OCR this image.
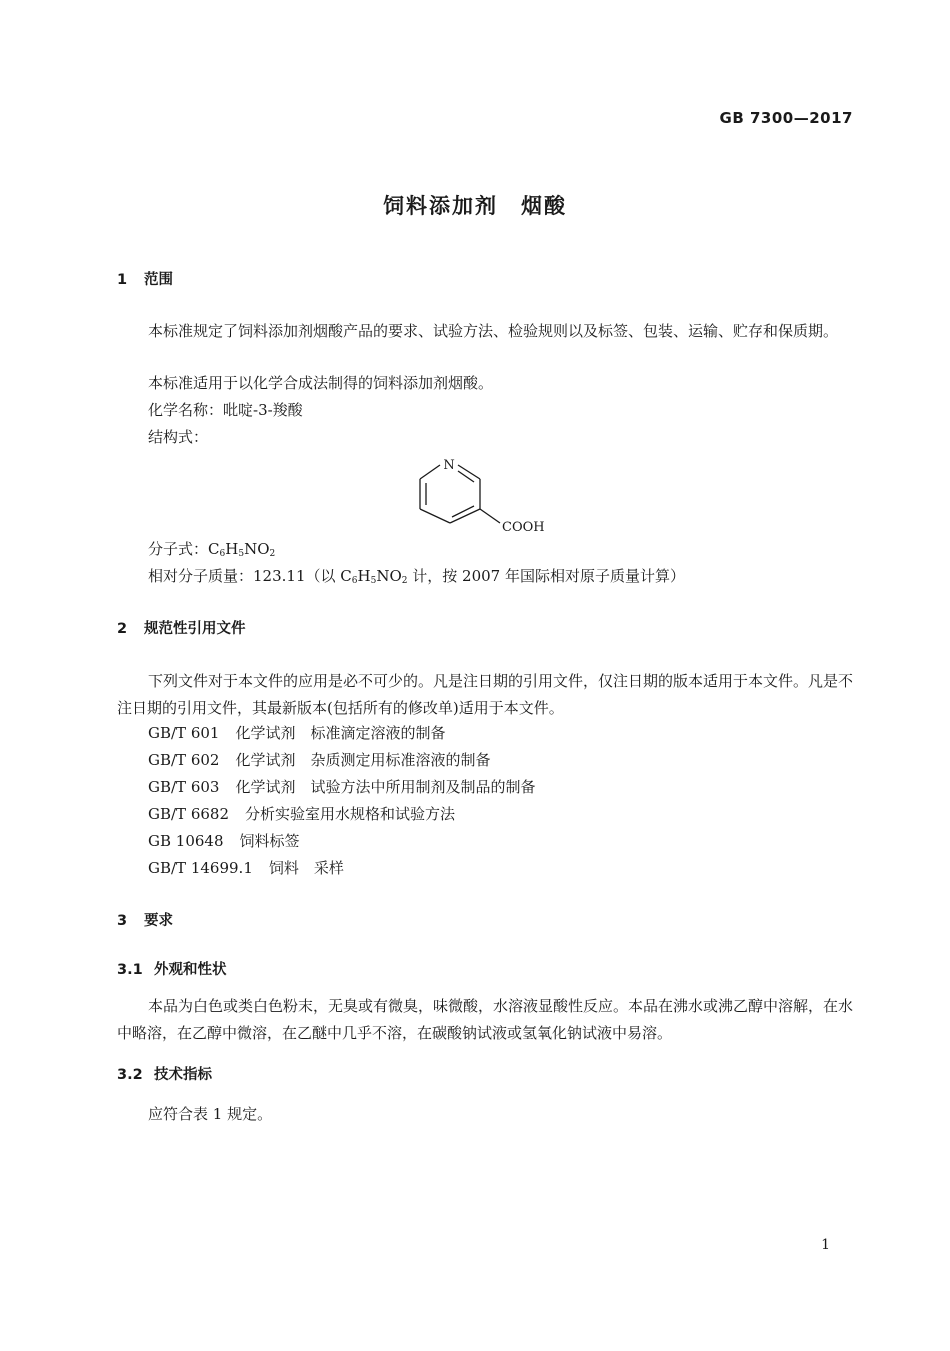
GB 7300—2017
饲料添加剂　烟酸
1 范围
本标准规定了饲料添加剂烟酸产品的要求、试验方法、检验规则以及标签、包装、运输、贮存和保质期。
本标准适用于以化学合成法制得的饲料添加剂烟酸。
化学名称：吡啶-3-羧酸
结构式：
N
COOH
分子式：$C_6H_5NO_2$
相对分子质量：123.11（以 $C_6H_5NO_2$ 计，按 2007 年国际相对原子质量计算）
2 规范性引用文件
下列文件对于本文件的应用是必不可少的。凡是注日期的引用文件，仅注日期的版本适用于本文件。凡是不注日期的引用文件，其最新版本(包括所有的修改单)适用于本文件。
GB/T 601 化学试剂　标准滴定溶液的制备
GB/T 602 化学试剂　杂质测定用标准溶液的制备
GB/T 603 化学试剂　试验方法中所用制剂及制品的制备
GB/T 6682 分析实验室用水规格和试验方法
GB 10648 饲料标签
GB/T 14699.1 饲料　采样
3 要求
3.1 外观和性状
本品为白色或类白色粉末，无臭或有微臭，味微酸，水溶液显酸性反应。本品在沸水或沸乙醇中溶解，在水中略溶，在乙醇中微溶，在乙醚中几乎不溶，在碳酸钠试液或氢氧化钠试液中易溶。
3.2 技术指标
应符合表 1 规定。
1
